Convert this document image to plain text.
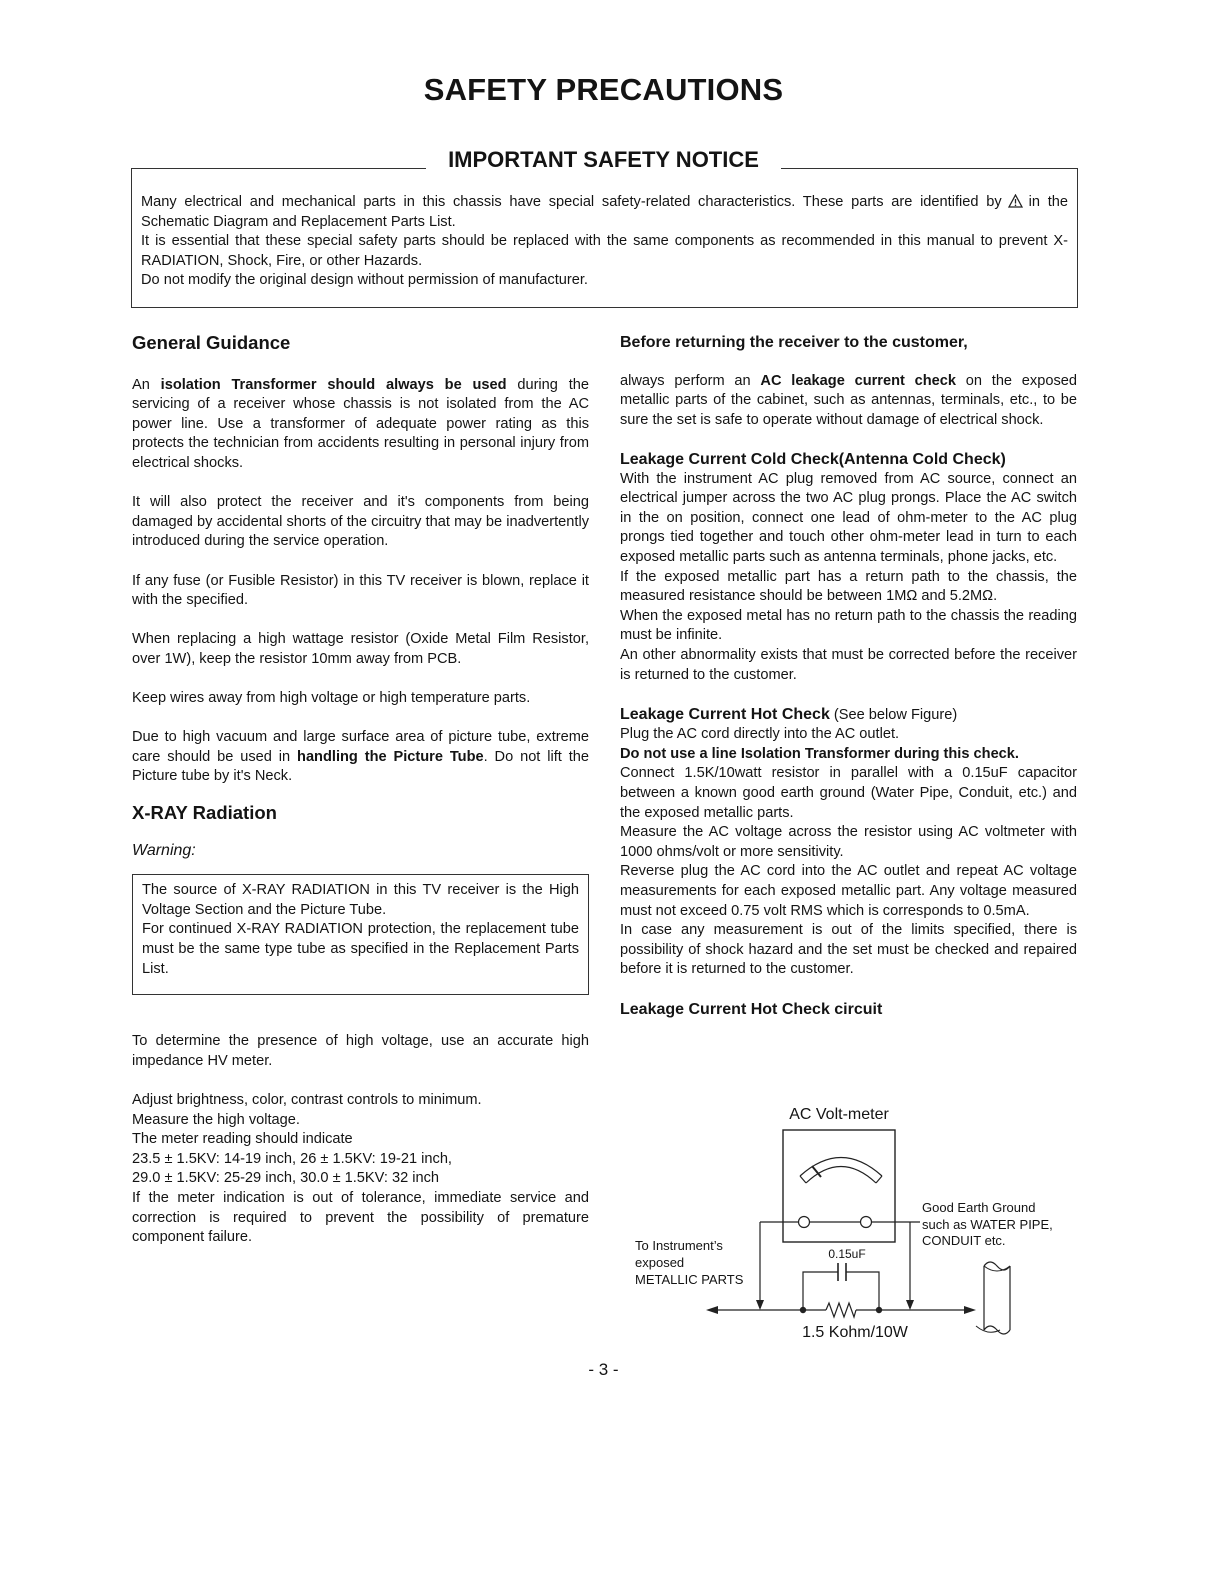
SAFETY PRECAUTIONS
IMPORTANT SAFETY NOTICE
Many electrical and mechanical parts in this chassis have special safety-related characteristics. These parts are identified by in the Schematic Diagram and Replacement Parts List.
It is essential that these special safety parts should be replaced with the same components as recommended in this manual to prevent X-RADIATION, Shock, Fire, or other Hazards.
Do not modify the original design without permission of manufacturer.
General Guidance

An isolation Transformer should always be used during the servicing of a receiver whose chassis is not isolated from the AC power line. Use a transformer of adequate power rating as this protects the technician from accidents resulting in personal injury from electrical shocks.

It will also protect the receiver and it's components from being damaged by accidental shorts of the circuitry that may be inadvertently introduced during the service operation.

If any fuse (or Fusible Resistor) in this TV receiver is blown, replace it with the specified.

When replacing a high wattage resistor (Oxide Metal Film Resistor, over 1W), keep the resistor 10mm away from PCB.

Keep wires away from high voltage or high temperature parts.

Due to high vacuum and large surface area of picture tube, extreme care should be used in handling the Picture Tube. Do not lift the Picture tube by it's Neck.

X-RAY Radiation
Warning:

The source of X-RAY RADIATION in this TV receiver is the High Voltage Section and the Picture Tube.

For continued X-RAY RADIATION protection, the replacement tube must be the same type tube as specified in the Replacement Parts List.

To determine the presence of high voltage, use an accurate high impedance HV meter.

Adjust brightness, color, contrast controls to minimum.

Measure the high voltage.

The meter reading should indicate

23.5 ± 1.5KV: 14-19 inch, 26 ± 1.5KV: 19-21 inch,

29.0 ± 1.5KV: 25-29 inch, 30.0 ± 1.5KV: 32 inch

If the meter indication is out of tolerance, immediate service and correction is required to prevent the possibility of premature component failure.

Before returning the receiver to the customer,

always perform an AC leakage current check on the exposed metallic parts of the cabinet, such as antennas, terminals, etc., to be sure the set is safe to operate without damage of electrical shock.

Leakage Current Cold Check(Antenna Cold Check)

With the instrument AC plug removed from AC source, connect an electrical jumper across the two AC plug prongs. Place the AC switch in the on position, connect one lead of ohm-meter to the AC plug prongs tied together and touch other ohm-meter lead in turn to each exposed metallic parts such as antenna terminals, phone jacks, etc.

If the exposed metallic part has a return path to the chassis, the measured resistance should be between 1MΩ and 5.2MΩ.

When the exposed metal has no return path to the chassis the reading must be infinite.

An other abnormality exists that must be corrected before the receiver is returned to the customer.

Leakage Current Hot Check (See below Figure)

Plug the AC cord directly into the AC outlet.

Do not use a line Isolation Transformer during this check.

Connect 1.5K/10watt resistor in parallel with a 0.15uF capacitor between a known good earth ground (Water Pipe, Conduit, etc.) and the exposed metallic parts.

Measure the AC voltage across the resistor using AC voltmeter with 1000 ohms/volt or more sensitivity.

Reverse plug the AC cord into the AC outlet and repeat AC voltage measurements for each exposed metallic part. Any voltage measured must not exceed 0.75 volt RMS which is corresponds to 0.5mA.

In case any measurement is out of the limits specified, there is possibility of shock hazard and the set must be checked and repaired before it is returned to the customer.

Leakage Current Hot Check circuit
AC Volt-meter
0.15uF
1.5 Kohm/10W
To Instrument’s
exposed
METALLIC PARTS
Good Earth Ground
such as WATER PIPE,
CONDUIT etc.
- 3 -
